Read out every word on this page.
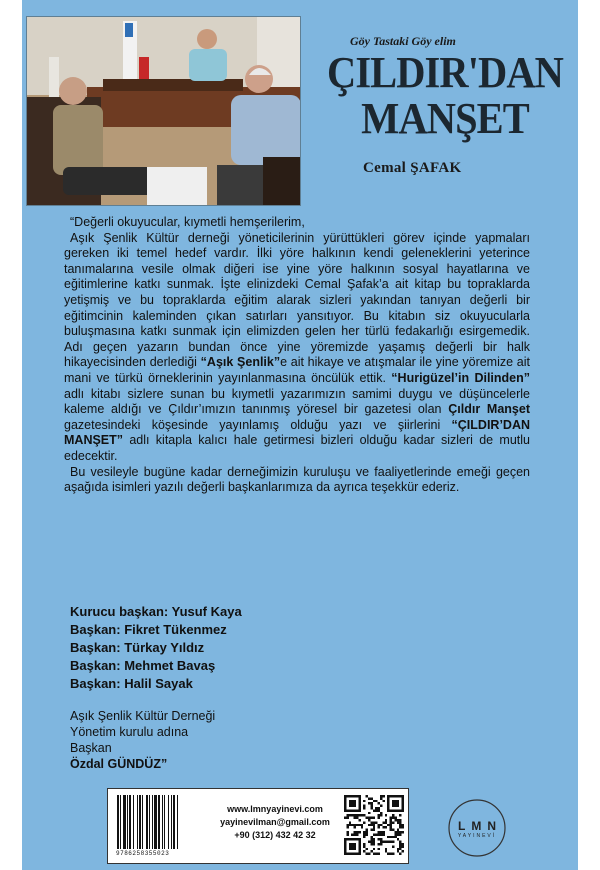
Göy Tastaki Göy elim
ÇILDIR'DAN
MANŞET
Cemal ŞAFAK

“Değerli okuyucular, kıymetli hemşerilerim,

Aşık Şenlik Kültür derneği yöneticilerinin yürüttükleri görev içinde yapmaları gereken iki temel hedef vardır. İlki yöre halkının kendi geleneklerini yeterince tanımalarına vesile olmak diğeri ise yine yöre halkının sosyal hayatlarına ve eğitimlerine katkı sunmak. İşte elinizdeki Cemal Şafak’a ait kitap bu topraklarda yetişmiş ve bu topraklarda eğitim alarak sizleri yakından tanıyan değerli bir eğitimcinin kaleminden çıkan satırları yansıtıyor. Bu kitabın siz okuyucularla buluşmasına katkı sunmak için elimizden gelen her türlü fedakarlığı esirgemedik. Adı geçen yazarın bundan önce yine yöremizde yaşamış değerli bir halk hikayecisinden derlediği “Aşık Şenlik”e ait hikaye ve atışmalar ile yine yöremize ait mani ve türkü örneklerinin yayınlanmasına öncülük ettik. “Hurigüzel’in Dilinden” adlı kitabı sizlere sunan bu kıymetli yazarımızın samimi duygu ve düşüncelerle kaleme aldığı ve Çıldır’ımızın tanınmış yöresel bir gazetesi olan Çıldır Manşet gazetesindeki köşesinde yayınlamış olduğu yazı ve şiirlerini “ÇILDIR’DAN MANŞET” adlı kitapla kalıcı hale getirmesi bizleri olduğu kadar sizleri de mutlu edecektir.

Bu vesileyle bugüne kadar derneğimizin kuruluşu ve faaliyetlerinde emeği geçen aşağıda isimleri yazılı değerli başkanlarımıza da ayrıca teşekkür ederiz.

Kurucu başkan: Yusuf Kaya
Başkan: Fikret Tükenmez
Başkan: Türkay Yıldız
Başkan: Mehmet Bavaş
Başkan: Halil Sayak
Aşık Şenlik Kültür Derneği
Yönetim kurulu adına
Başkan
Özdal GÜNDÜZ”
9786258355023
www.lmnyayinevi.com
yayinevilman@gmail.com
+90 (312) 432 42 32
LMN
YAYINEVİ
